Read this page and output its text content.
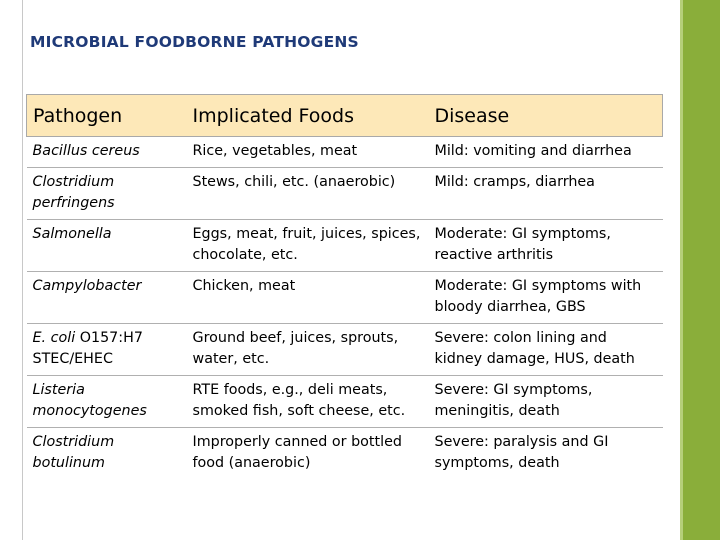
MICROBIAL FOODBORNE PATHOGENS
Pathogen	Implicated Foods	Disease
Bacillus cereus	Rice, vegetables, meat	Mild: vomiting and diarrhea
Clostridium perfringens	Stews, chili, etc. (anaerobic)	Mild: cramps, diarrhea
Salmonella	Eggs, meat, fruit, juices, spices, chocolate, etc.	Moderate: GI symptoms, reactive arthritis
Campylobacter	Chicken, meat	Moderate: GI symptoms with bloody diarrhea, GBS
E. coli O157:H7 STEC/EHEC	Ground beef, juices, sprouts, water, etc.	Severe: colon lining and kidney damage, HUS, death
Listeria monocytogenes	RTE foods, e.g., deli meats, smoked fish, soft cheese, etc.	Severe: GI symptoms, meningitis, death
Clostridium botulinum	Improperly canned or bottled food (anaerobic)	Severe: paralysis and GI symptoms, death
